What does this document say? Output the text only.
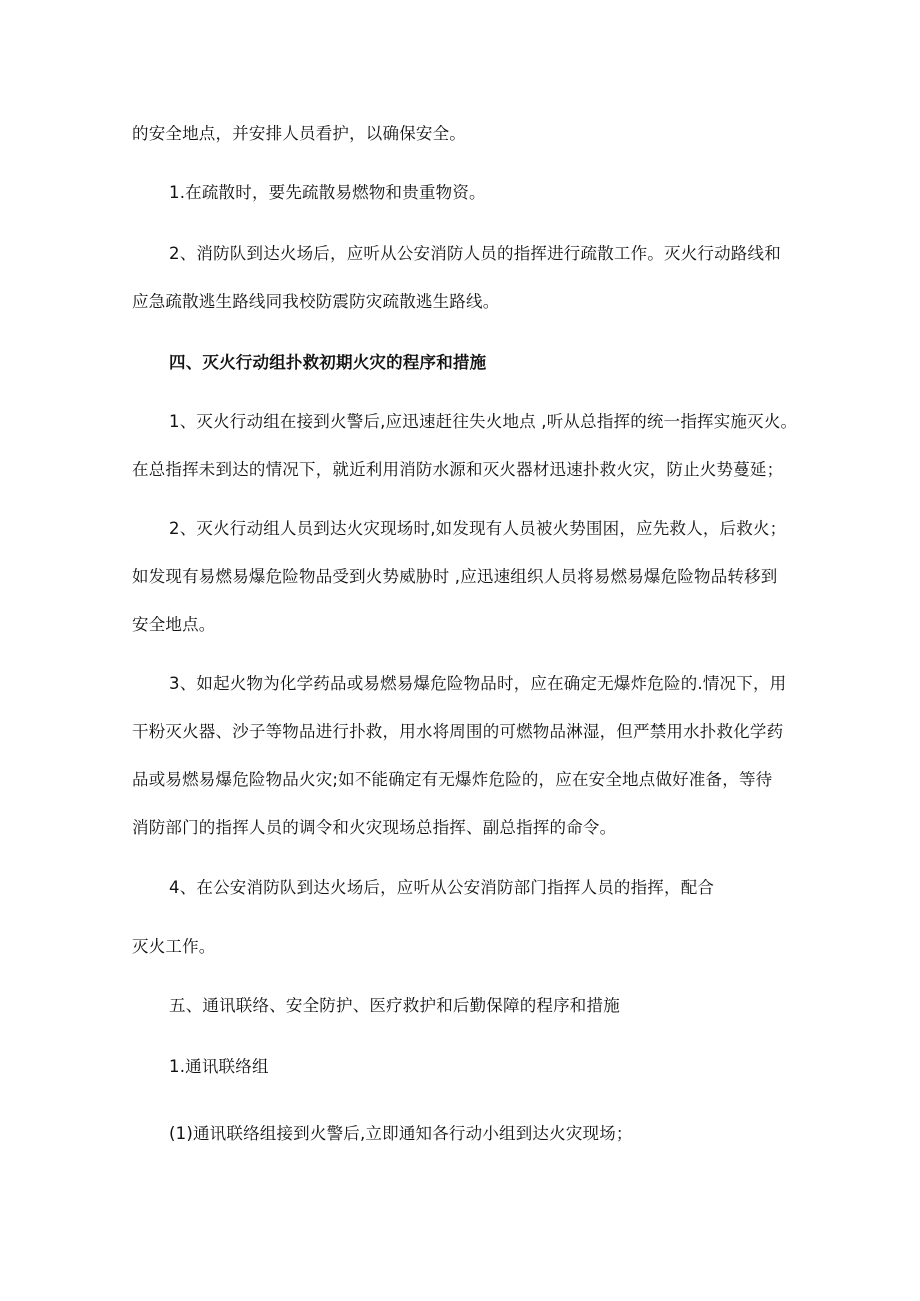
的安全地点，并安排人员看护，以确保安全。
1.在疏散时，要先疏散易燃物和贵重物资。
2、消防队到达火场后，应听从公安消防人员的指挥进行疏散工作。灭火行动路线和
应急疏散逃生路线同我校防震防灾疏散逃生路线。
四、灭火行动组扑救初期火灾的程序和措施
1、灭火行动组在接到火警后,应迅速赶往失火地点 ,听从总指挥的统一指挥实施灭火。
在总指挥未到达的情况下，就近利用消防水源和灭火器材迅速扑救火灾，防止火势蔓延；
2、灭火行动组人员到达火灾现场时,如发现有人员被火势围困，应先救人，后救火；
如发现有易燃易爆危险物品受到火势威胁时 ,应迅速组织人员将易燃易爆危险物品转移到
安全地点。
3、如起火物为化学药品或易燃易爆危险物品时，应在确定无爆炸危险的.情况下，用
干粉灭火器、沙子等物品进行扑救，用水将周围的可燃物品淋湿，但严禁用水扑救化学药
品或易燃易爆危险物品火灾;如不能确定有无爆炸危险的，应在安全地点做好准备，等待
消防部门的指挥人员的调令和火灾现场总指挥、副总指挥的命令。
4、在公安消防队到达火场后，应听从公安消防部门指挥人员的指挥，配合
灭火工作。
五、通讯联络、安全防护、医疗救护和后勤保障的程序和措施
1.通讯联络组
(1)通讯联络组接到火警后,立即通知各行动小组到达火灾现场；
